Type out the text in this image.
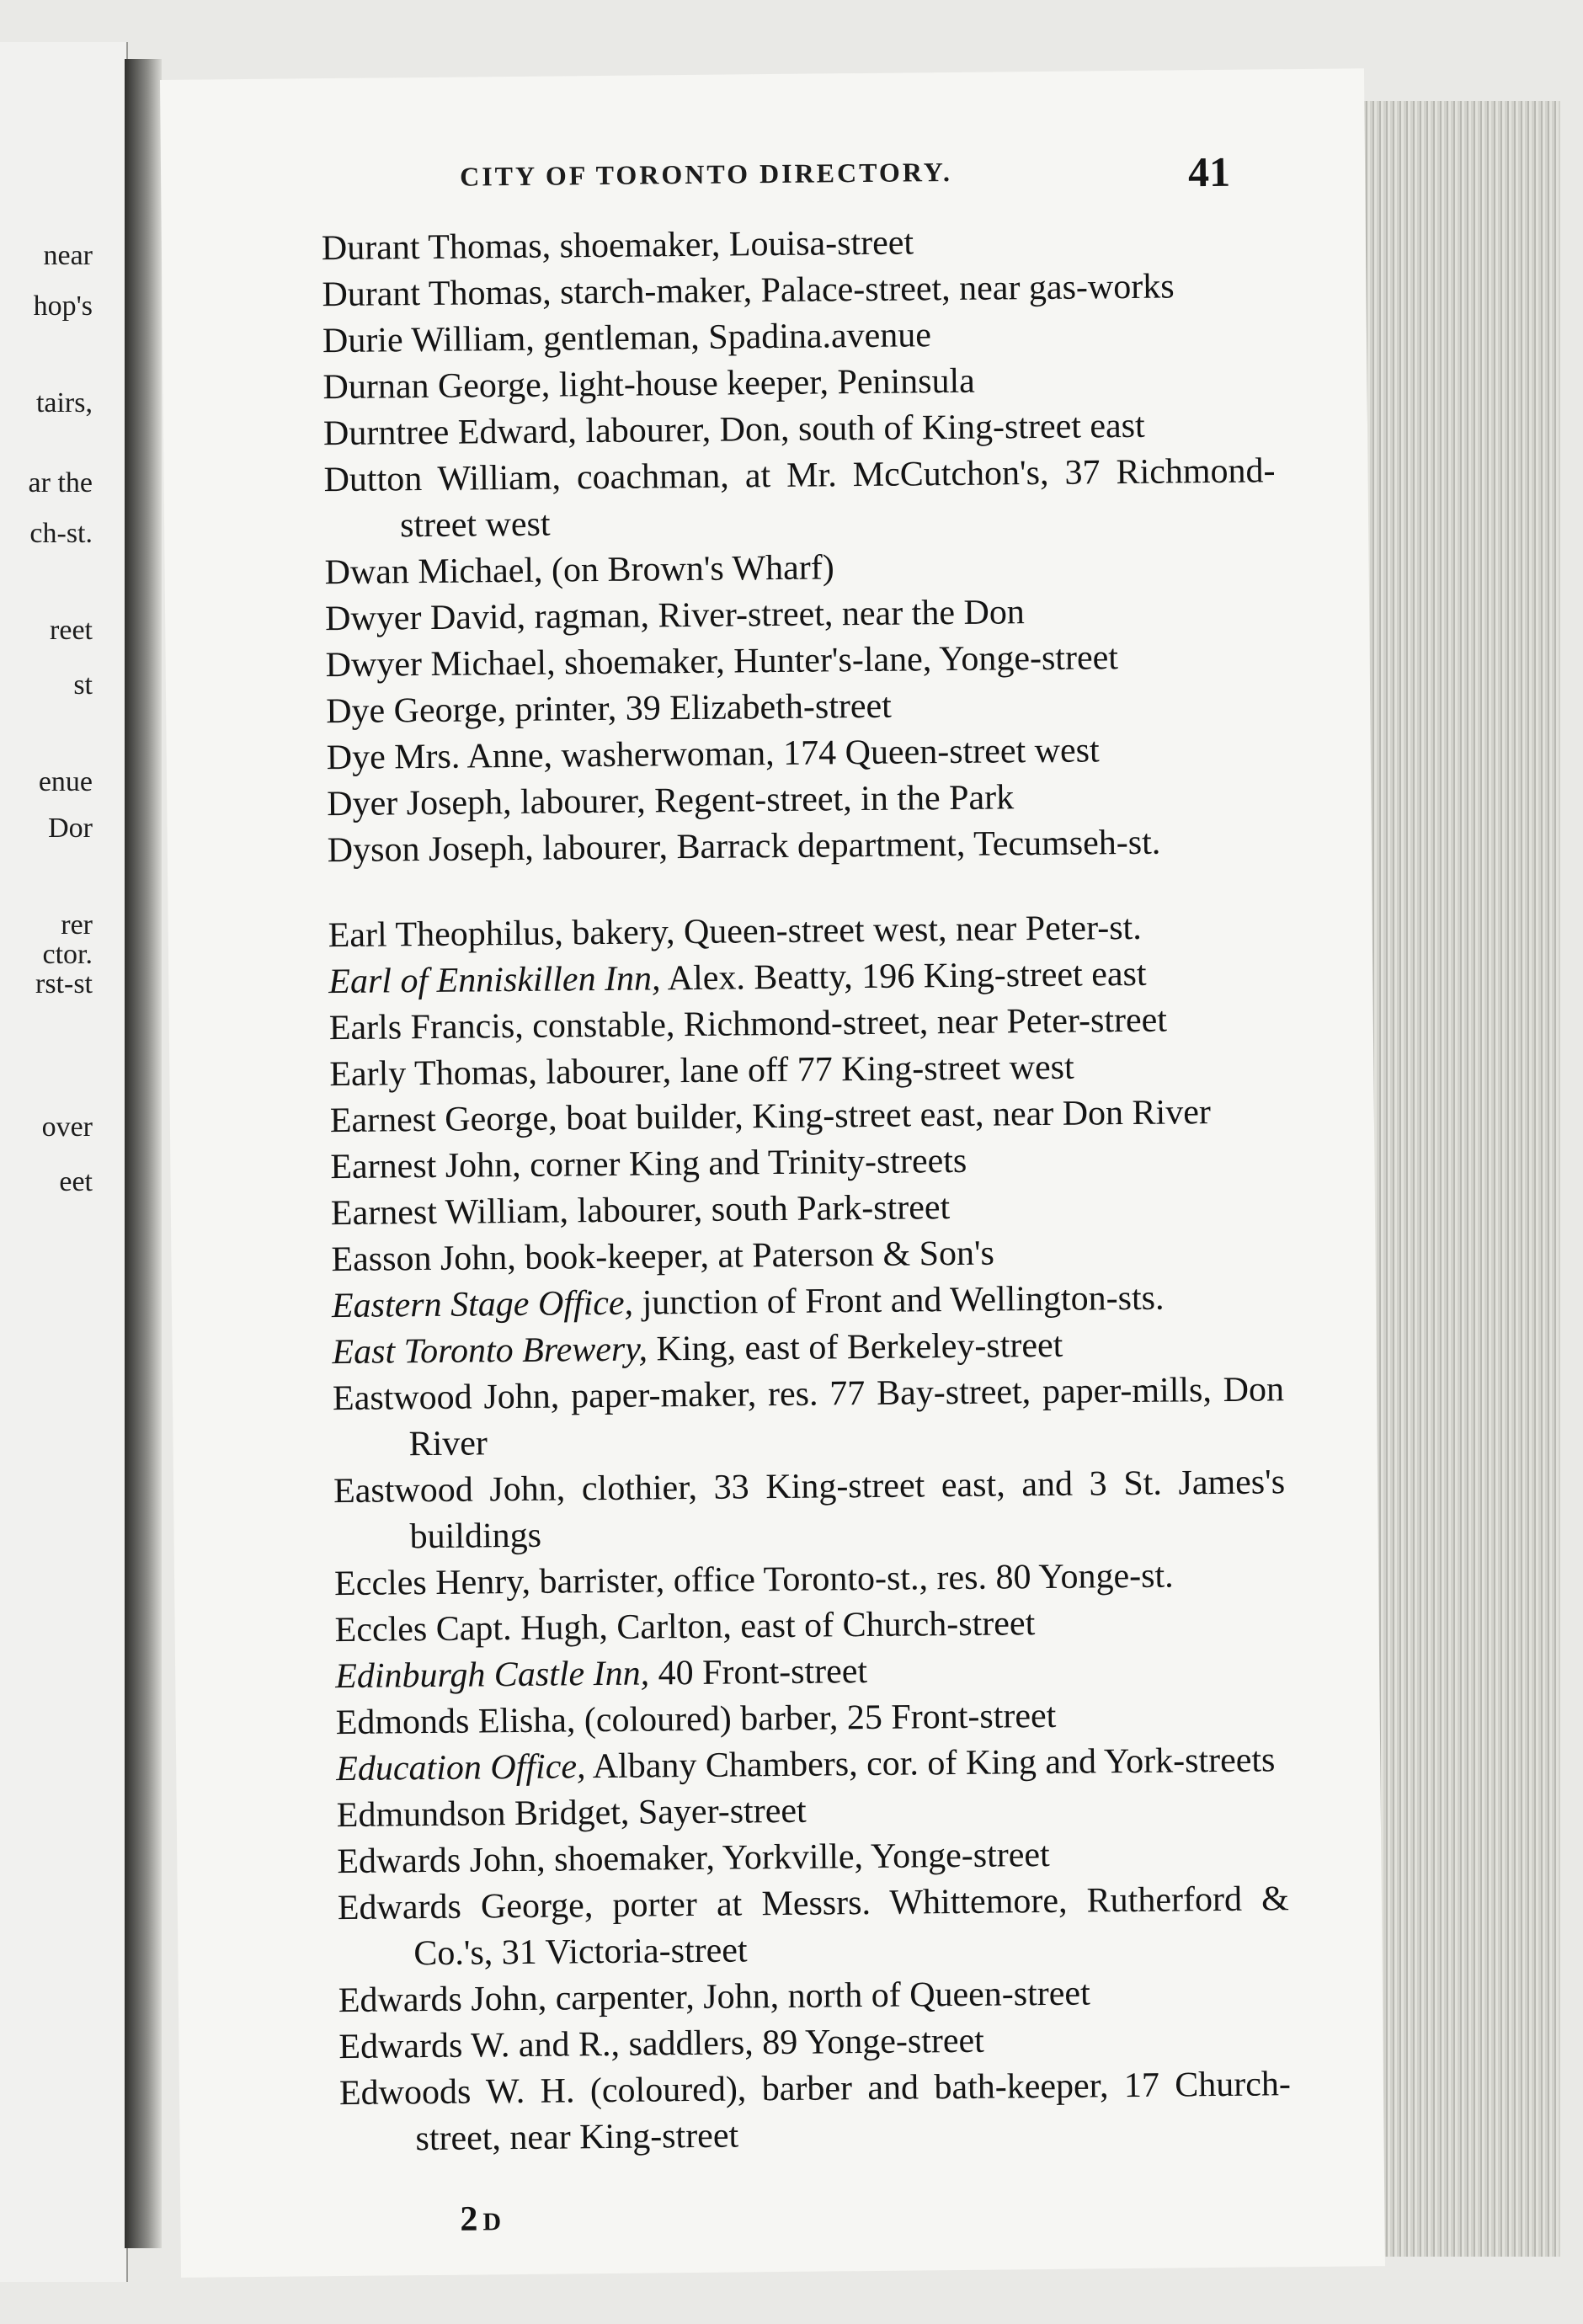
near
hop's
tairs,
ar the
ch-st.
reet
st
enue
Dor
rer
ctor.
rst-st
over
eet
CITY OF TORONTO DIRECTORY.	41
Durant Thomas, shoemaker, Louisa-street
Durant Thomas, starch-maker, Palace-street, near gas-works
Durie William, gentleman, Spadina.avenue
Durnan George, light-house keeper, Peninsula
Durntree Edward, labourer, Don, south of King-street east
Dutton William, coachman, at Mr. McCutchon's, 37 Richmond-street west
Dwan Michael, (on Brown's Wharf)
Dwyer David, ragman, River-street, near the Don
Dwyer Michael, shoemaker, Hunter's-lane, Yonge-street
Dye George, printer, 39 Elizabeth-street
Dye Mrs. Anne, washerwoman, 174 Queen-street west
Dyer Joseph, labourer, Regent-street, in the Park
Dyson Joseph, labourer, Barrack department, Tecumseh-st.
Earl Theophilus, bakery, Queen-street west, near Peter-st.
Earl of Enniskillen Inn, Alex. Beatty, 196 King-street east
Earls Francis, constable, Richmond-street, near Peter-street
Early Thomas, labourer, lane off 77 King-street west
Earnest George, boat builder, King-street east, near Don River
Earnest John, corner King and Trinity-streets
Earnest William, labourer, south Park-street
Easson John, book-keeper, at Paterson & Son's
Eastern Stage Office, junction of Front and Wellington-sts.
East Toronto Brewery, King, east of Berkeley-street
Eastwood John, paper-maker, res. 77 Bay-street, paper-mills, Don River
Eastwood John, clothier, 33 King-street east, and 3 St. James's buildings
Eccles Henry, barrister, office Toronto-st., res. 80 Yonge-st.
Eccles Capt. Hugh, Carlton, east of Church-street
Edinburgh Castle Inn, 40 Front-street
Edmonds Elisha, (coloured) barber, 25 Front-street
Education Office, Albany Chambers, cor. of King and York-streets
Edmundson Bridget, Sayer-street
Edwards John, shoemaker, Yorkville, Yonge-street
Edwards George, porter at Messrs. Whittemore, Rutherford & Co.'s, 31 Victoria-street
Edwards John, carpenter, John, north of Queen-street
Edwards W. and R., saddlers, 89 Yonge-street
Edwoods W. H. (coloured), barber and bath-keeper, 17 Church-street, near King-street
2 D
